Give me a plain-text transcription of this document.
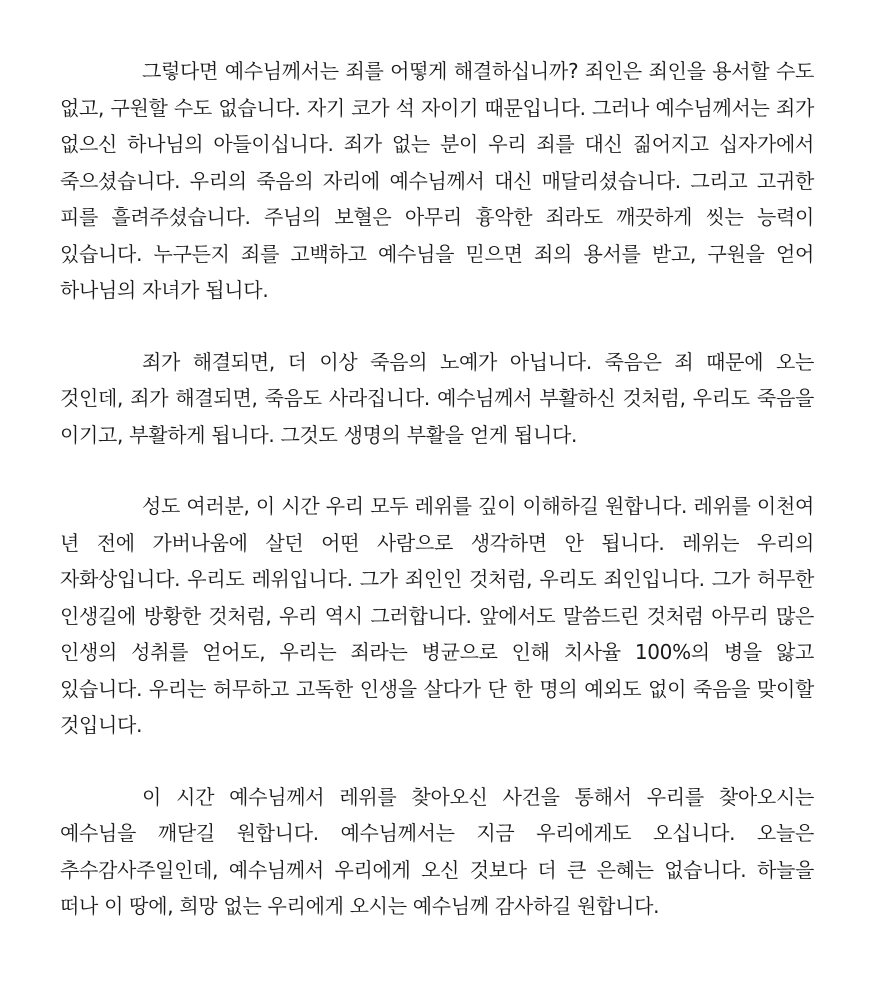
그렇다면 예수님께서는 죄를 어떻게 해결하십니까? 죄인은 죄인을 용서할 수도 없고, 구원할 수도 없습니다. 자기 코가 석 자이기 때문입니다. 그러나 예수님께서는 죄가 없으신 하나님의 아들이십니다. 죄가 없는 분이 우리 죄를 대신 짊어지고 십자가에서 죽으셨습니다. 우리의 죽음의 자리에 예수님께서 대신 매달리셨습니다. 그리고 고귀한 피를 흘려주셨습니다. 주님의 보혈은 아무리 흉악한 죄라도 깨끗하게 씻는 능력이 있습니다. 누구든지 죄를 고백하고 예수님을 믿으면 죄의 용서를 받고, 구원을 얻어 하나님의 자녀가 됩니다.

죄가 해결되면, 더 이상 죽음의 노예가 아닙니다. 죽음은 죄 때문에 오는 것인데, 죄가 해결되면, 죽음도 사라집니다. 예수님께서 부활하신 것처럼, 우리도 죽음을 이기고, 부활하게 됩니다. 그것도 생명의 부활을 얻게 됩니다.

성도 여러분, 이 시간 우리 모두 레위를 깊이 이해하길 원합니다. 레위를 이천여 년 전에 가버나움에 살던 어떤 사람으로 생각하면 안 됩니다. 레위는 우리의 자화상입니다. 우리도 레위입니다. 그가 죄인인 것처럼, 우리도 죄인입니다. 그가 허무한 인생길에 방황한 것처럼, 우리 역시 그러합니다. 앞에서도 말씀드린 것처럼 아무리 많은 인생의 성취를 얻어도, 우리는 죄라는 병균으로 인해 치사율 100%의 병을 앓고 있습니다. 우리는 허무하고 고독한 인생을 살다가 단 한 명의 예외도 없이 죽음을 맞이할 것입니다.

이 시간 예수님께서 레위를 찾아오신 사건을 통해서 우리를 찾아오시는 예수님을 깨닫길 원합니다. 예수님께서는 지금 우리에게도 오십니다. 오늘은 추수감사주일인데, 예수님께서 우리에게 오신 것보다 더 큰 은혜는 없습니다. 하늘을 떠나 이 땅에, 희망 없는 우리에게 오시는 예수님께 감사하길 원합니다.
